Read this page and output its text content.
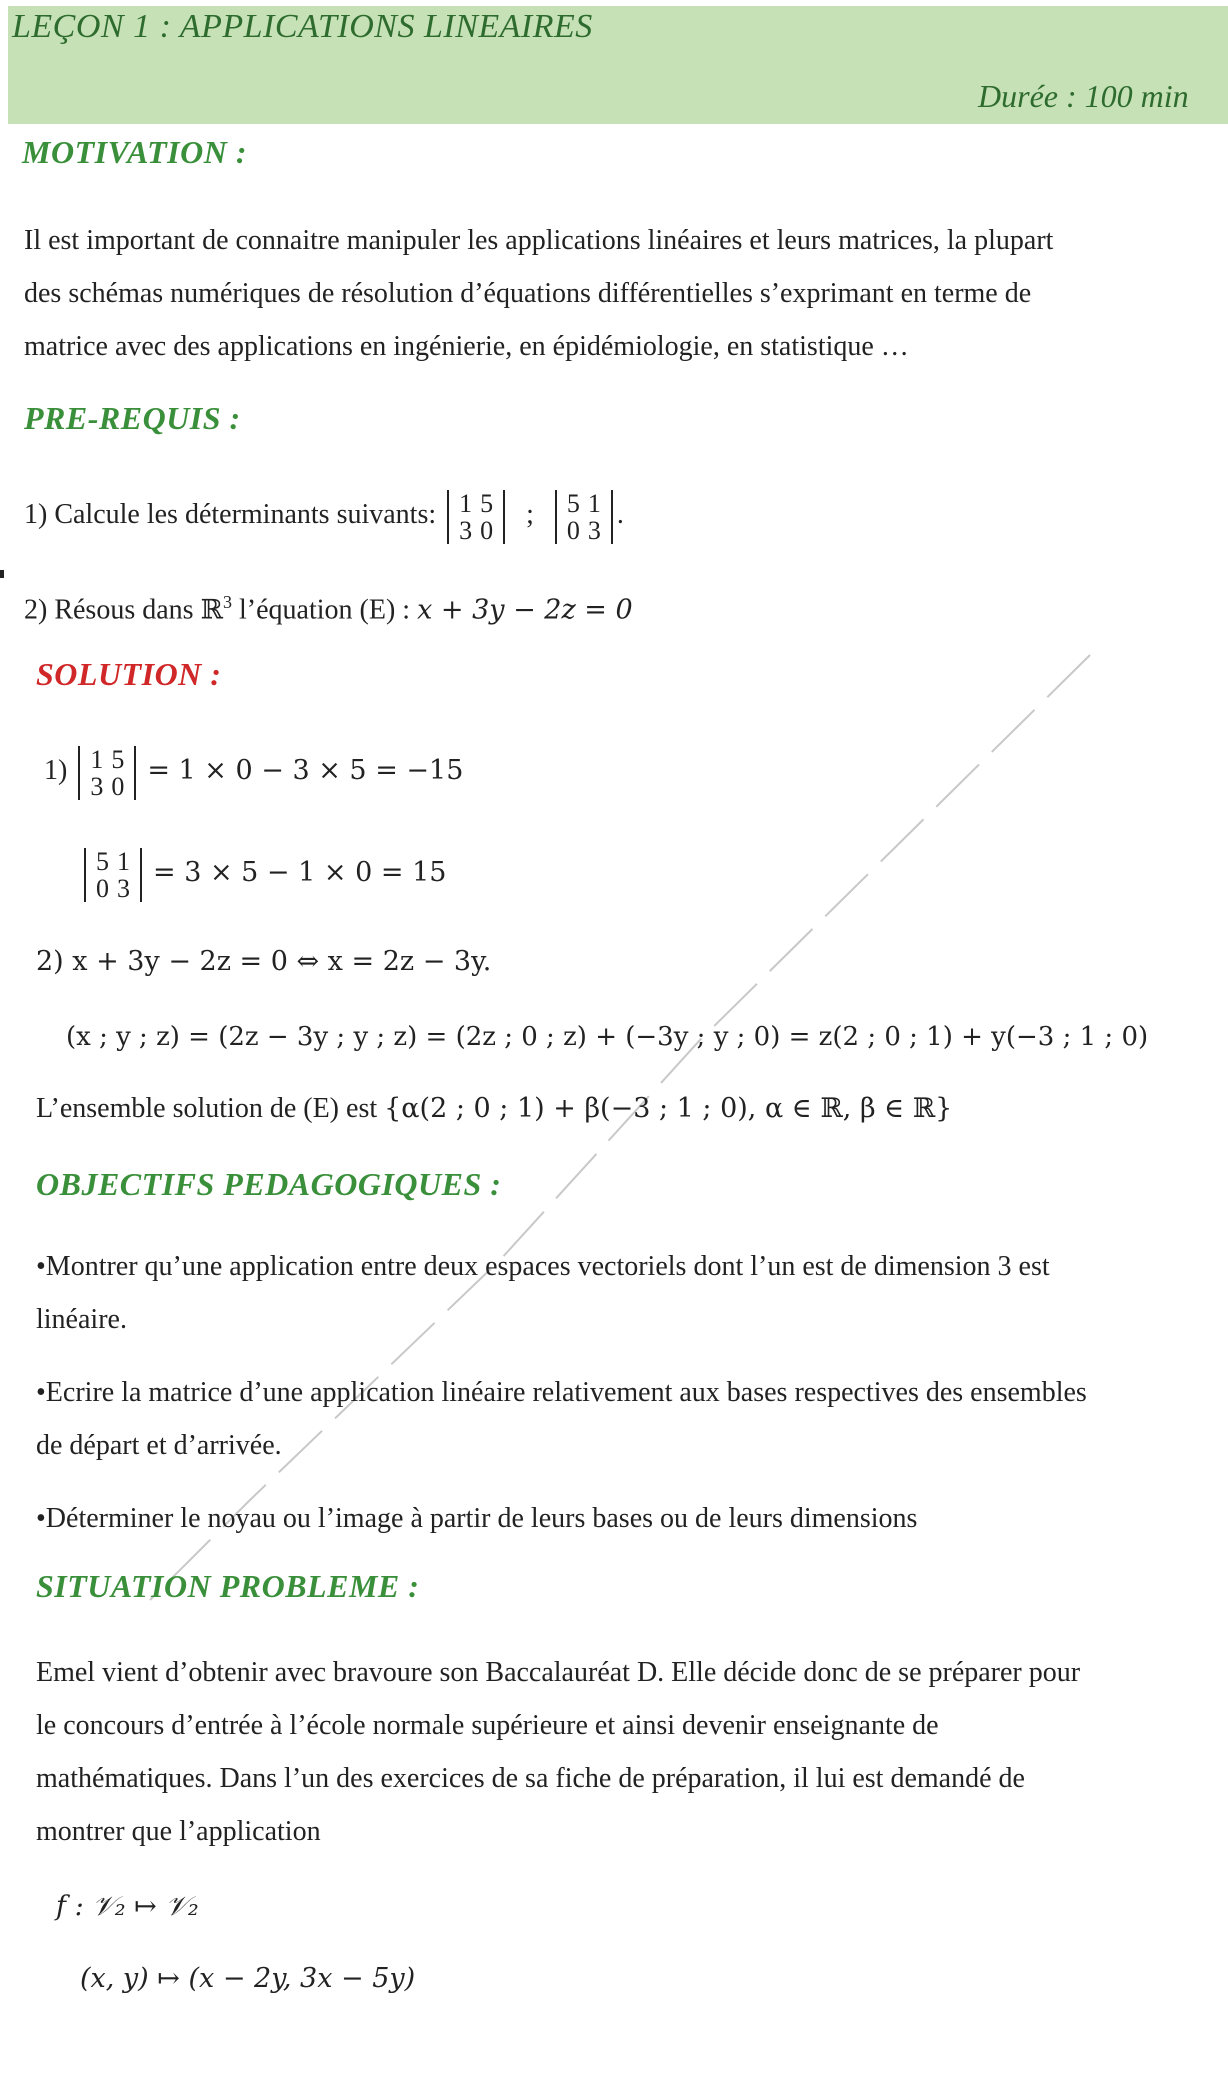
LEÇON 1 : APPLICATIONS LINEAIRES
Durée : 100 min
MOTIVATION :
Il est important de connaitre manipuler les applications linéaires et leurs matrices, la plupart
des schémas numériques de résolution d’équations différentielles s’exprimant en terme de
matrice avec des applications en ingénierie, en épidémiologie, en statistique …
PRE-REQUIS :
1) Calcule les déterminants suivants: 1	5
3	0
; 5	1
0	3
.
2) Résous dans ℝ$^3$ l’équation (E) : x + 3y − 2z = 0
SOLUTION :
1) 1	5
3	0
= 1 × 0 − 3 × 5 = −15
5	1
0	3
= 3 × 5 − 1 × 0 = 15
2) x + 3y − 2z = 0 ⇔ x = 2z − 3y.
(x ; y ; z) = (2z − 3y ; y ; z) = (2z ; 0 ; z) + (−3y ; y ; 0) = z(2 ; 0 ; 1) + y(−3 ; 1 ; 0)
L’ensemble solution de (E) est {α(2 ; 0 ; 1) + β(−3 ; 1 ; 0), α ∈ ℝ, β ∈ ℝ}
OBJECTIFS PEDAGOGIQUES :
•Montrer qu’une application entre deux espaces vectoriels dont l’un est de dimension 3 est
linéaire.
•Ecrire la matrice d’une application linéaire relativement aux bases respectives des ensembles
de départ et d’arrivée.
•Déterminer le noyau ou l’image à partir de leurs bases ou de leurs dimensions
SITUATION PROBLEME :
Emel vient d’obtenir avec bravoure son Baccalauréat D. Elle décide donc de se préparer pour
le concours d’entrée à l’école normale supérieure et ainsi devenir enseignante de
mathématiques. Dans l’un des exercices de sa fiche de préparation, il lui est demandé de
montrer que l’application
f : 𝒱₂ ↦ 𝒱₂
(x, y) ↦ (x − 2y, 3x − 5y)
